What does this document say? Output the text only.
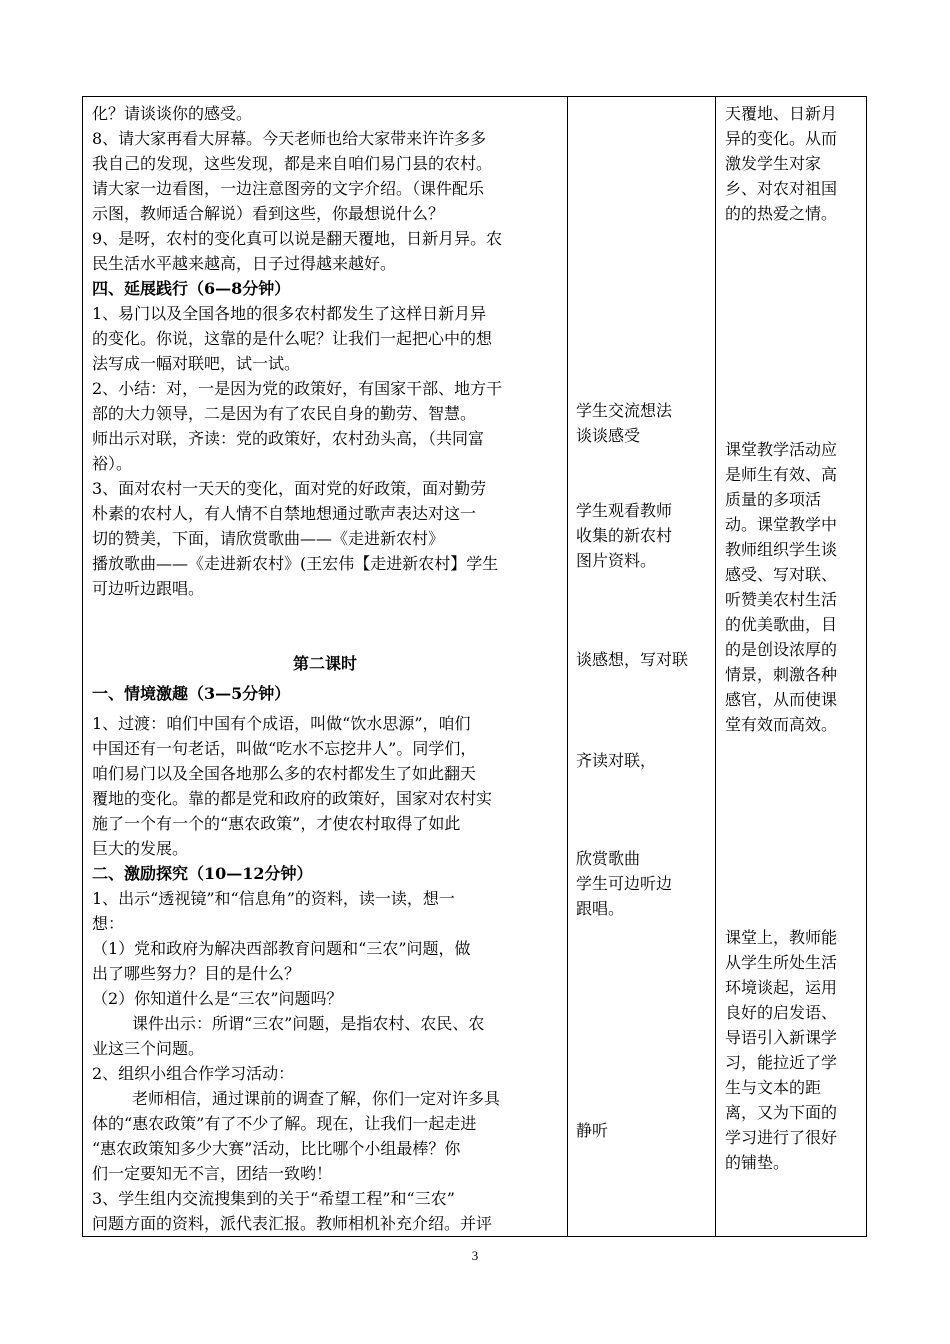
化？请谈谈你的感受。
8、请大家再看大屏幕。今天老师也给大家带来许许多多
我自己的发现，这些发现，都是来自咱们易门县的农村。
请大家一边看图，一边注意图旁的文字介绍。（课件配乐
示图，教师适合解说）看到这些，你最想说什么？
9、是呀，农村的变化真可以说是翻天覆地，日新月异。农
民生活水平越来越高，日子过得越来越好。
四、延展践行（6—8分钟）
1、易门以及全国各地的很多农村都发生了这样日新月异
的变化。你说，这靠的是什么呢？让我们一起把心中的想
法写成一幅对联吧，试一试。
2、小结：对，一是因为党的政策好，有国家干部、地方干
部的大力领导，二是因为有了农民自身的勤劳、智慧。
师出示对联，齐读：党的政策好，农村劲头高，（共同富
裕）。
3、面对农村一天天的变化，面对党的好政策，面对勤劳
朴素的农村人，有人情不自禁地想通过歌声表达对这一
切的赞美，下面，请欣赏歌曲——《走进新农村》
播放歌曲——《走进新农村》(王宏伟【走进新农村】学生
可边听边跟唱。
第二课时
一、情境激趣（3—5分钟）
1、过渡：咱们中国有个成语，叫做“饮水思源”，咱们
中国还有一句老话，叫做“吃水不忘挖井人”。同学们，
咱们易门以及全国各地那么多的农村都发生了如此翻天
覆地的变化。靠的都是党和政府的政策好，国家对农村实
施了一个有一个的“惠农政策”，才使农村取得了如此
巨大的发展。
二、激励探究（10—12分钟）
1、出示“透视镜”和“信息角”的资料，读一读，想一
想：
（1）党和政府为解决西部教育问题和“三农”问题，做
出了哪些努力？目的是什么？
（2）你知道什么是“三农”问题吗？
课件出示：所谓“三农”问题，是指农村、农民、农
业这三个问题。
2、组织小组合作学习活动：
老师相信，通过课前的调查了解，你们一定对许多具
体的“惠农政策”有了不少了解。现在，让我们一起走进
“惠农政策知多少大赛”活动，比比哪个小组最棒？你
们一定要知无不言，团结一致哟！
3、学生组内交流搜集到的关于“希望工程”和“三农”
问题方面的资料，派代表汇报。教师相机补充介绍。并评
学生交流想法
谈谈感受
学生观看教师
收集的新农村
图片资料。
谈感想，写对联
齐读对联，
欣赏歌曲
学生可边听边
跟唱。
静听
天覆地、日新月
异的变化。从而
激发学生对家
乡、对农对祖国
的的热爱之情。
课堂教学活动应
是师生有效、高
质量的多项活
动。课堂教学中
教师组织学生谈
感受、写对联、
听赞美农村生活
的优美歌曲，目
的是创设浓厚的
情景，刺激各种
感官，从而使课
堂有效而高效。
课堂上，教师能
从学生所处生活
环境谈起，运用
良好的启发语、
导语引入新课学
习，能拉近了学
生与文本的距
离，又为下面的
学习进行了很好
的铺垫。
3
